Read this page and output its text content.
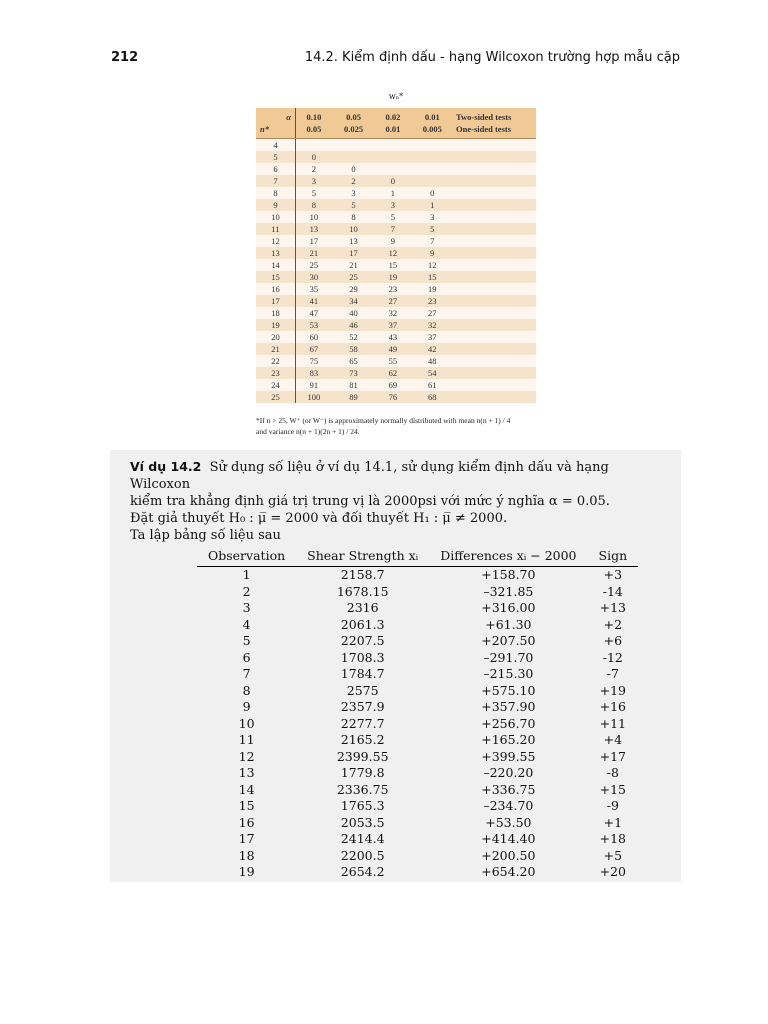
212	14.2. Kiểm định dấu - hạng Wilcoxon trường hợp mẫu cặp
wₙ*
α	0.10	0.05	0.02	0.01	Two-sided tests
n*	0.05	0.025	0.01	0.005	One-sided tests
4					
5	0				
6	2	0			
7	3	2	0		
8	5	3	1	0	
9	8	5	3	1	
10	10	8	5	3	
11	13	10	7	5	
12	17	13	9	7	
13	21	17	12	9	
14	25	21	15	12	
15	30	25	19	15	
16	35	29	23	19	
17	41	34	27	23	
18	47	40	32	27	
19	53	46	37	32	
20	60	52	43	37	
21	67	58	49	42	
22	75	65	55	48	
23	83	73	62	54	
24	91	81	69	61	
25	100	89	76	68	
*If n > 25, W⁺ (or W⁻) is approximately normally distributed with mean n(n + 1) / 4
and variance n(n + 1)(2n + 1) / 24.
Ví dụ 14.2 Sử dụng số liệu ở ví dụ 14.1, sử dụng kiểm định dấu và hạng Wilcoxon
kiểm tra khẳng định giá trị trung vị là 2000psi với mức ý nghĩa α = 0.05.
Đặt giả thuyết H₀ : μ̅ = 2000 và đối thuyết H₁ : μ̅ ≠ 2000.
Ta lập bảng số liệu sau
Observation	Shear Strength xᵢ	Differences xᵢ − 2000	Sign
1	2158.7	+158.70	+3
2	1678.15	–321.85	-14
3	2316	+316.00	+13
4	2061.3	+61.30	+2
5	2207.5	+207.50	+6
6	1708.3	–291.70	-12
7	1784.7	–215.30	-7
8	2575	+575.10	+19
9	2357.9	+357.90	+16
10	2277.7	+256.70	+11
11	2165.2	+165.20	+4
12	2399.55	+399.55	+17
13	1779.8	–220.20	-8
14	2336.75	+336.75	+15
15	1765.3	–234.70	-9
16	2053.5	+53.50	+1
17	2414.4	+414.40	+18
18	2200.5	+200.50	+5
19	2654.2	+654.20	+20
